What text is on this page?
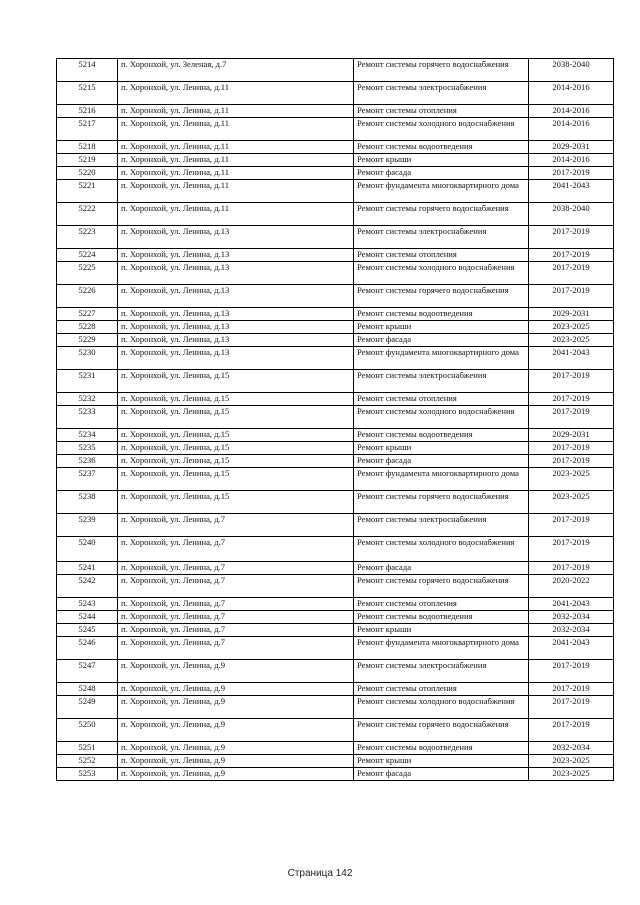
5214	п. Хоронхой, ул. Зеленая, д.7	Ремонт системы горячего водоснабжения	2038-2040
5215	п. Хоронхой, ул. Ленина, д.11	Ремонт системы электроснабжения	2014-2016
5216	п. Хоронхой, ул. Ленина, д.11	Ремонт системы отопления	2014-2016
5217	п. Хоронхой, ул. Ленина, д.11	Ремонт системы холодного водоснабжения	2014-2016
5218	п. Хоронхой, ул. Ленина, д.11	Ремонт системы водоотведения	2029-2031
5219	п. Хоронхой, ул. Ленина, д.11	Ремонт крыши	2014-2016
5220	п. Хоронхой, ул. Ленина, д.11	Ремонт фасада	2017-2019
5221	п. Хоронхой, ул. Ленина, д.11	Ремонт фундамента многоквартирного дома	2041-2043
5222	п. Хоронхой, ул. Ленина, д.11	Ремонт системы горячего водоснабжения	2038-2040
5223	п. Хоронхой, ул. Ленина, д.13	Ремонт системы электроснабжения	2017-2019
5224	п. Хоронхой, ул. Ленина, д.13	Ремонт системы отопления	2017-2019
5225	п. Хоронхой, ул. Ленина, д.13	Ремонт системы холодного водоснабжения	2017-2019
5226	п. Хоронхой, ул. Ленина, д.13	Ремонт системы горячего водоснабжения	2017-2019
5227	п. Хоронхой, ул. Ленина, д.13	Ремонт системы водоотведения	2029-2031
5228	п. Хоронхой, ул. Ленина, д.13	Ремонт крыши	2023-2025
5229	п. Хоронхой, ул. Ленина, д.13	Ремонт фасада	2023-2025
5230	п. Хоронхой, ул. Ленина, д.13	Ремонт фундамента многоквартирного дома	2041-2043
5231	п. Хоронхой, ул. Ленина, д.15	Ремонт системы электроснабжения	2017-2019
5232	п. Хоронхой, ул. Ленина, д.15	Ремонт системы отопления	2017-2019
5233	п. Хоронхой, ул. Ленина, д.15	Ремонт системы холодного водоснабжения	2017-2019
5234	п. Хоронхой, ул. Ленина, д.15	Ремонт системы водоотведения	2029-2031
5235	п. Хоронхой, ул. Ленина, д.15	Ремонт крыши	2017-2019
5236	п. Хоронхой, ул. Ленина, д.15	Ремонт фасада	2017-2019
5237	п. Хоронхой, ул. Ленина, д.15	Ремонт фундамента многоквартирного дома	2023-2025
5238	п. Хоронхой, ул. Ленина, д.15	Ремонт системы горячего водоснабжения	2023-2025
5239	п. Хоронхой, ул. Ленина, д.7	Ремонт системы электроснабжения	2017-2019
5240	п. Хоронхой, ул. Ленина, д.7	Ремонт системы холодного водоснабжения	2017-2019
5241	п. Хоронхой, ул. Ленина, д.7	Ремонт фасада	2017-2019
5242	п. Хоронхой, ул. Ленина, д.7	Ремонт системы горячего водоснабжения	2020-2022
5243	п. Хоронхой, ул. Ленина, д.7	Ремонт системы отопления	2041-2043
5244	п. Хоронхой, ул. Ленина, д.7	Ремонт системы водоотведения	2032-2034
5245	п. Хоронхой, ул. Ленина, д.7	Ремонт крыши	2032-2034
5246	п. Хоронхой, ул. Ленина, д.7	Ремонт фундамента многоквартирного дома	2041-2043
5247	п. Хоронхой, ул. Ленина, д.9	Ремонт системы электроснабжения	2017-2019
5248	п. Хоронхой, ул. Ленина, д.9	Ремонт системы отопления	2017-2019
5249	п. Хоронхой, ул. Ленина, д.9	Ремонт системы холодного водоснабжения	2017-2019
5250	п. Хоронхой, ул. Ленина, д.9	Ремонт системы горячего водоснабжения	2017-2019
5251	п. Хоронхой, ул. Ленина, д.9	Ремонт системы водоотведения	2032-2034
5252	п. Хоронхой, ул. Ленина, д.9	Ремонт крыши	2023-2025
5253	п. Хоронхой, ул. Ленина, д.9	Ремонт фасада	2023-2025
Страница 142
